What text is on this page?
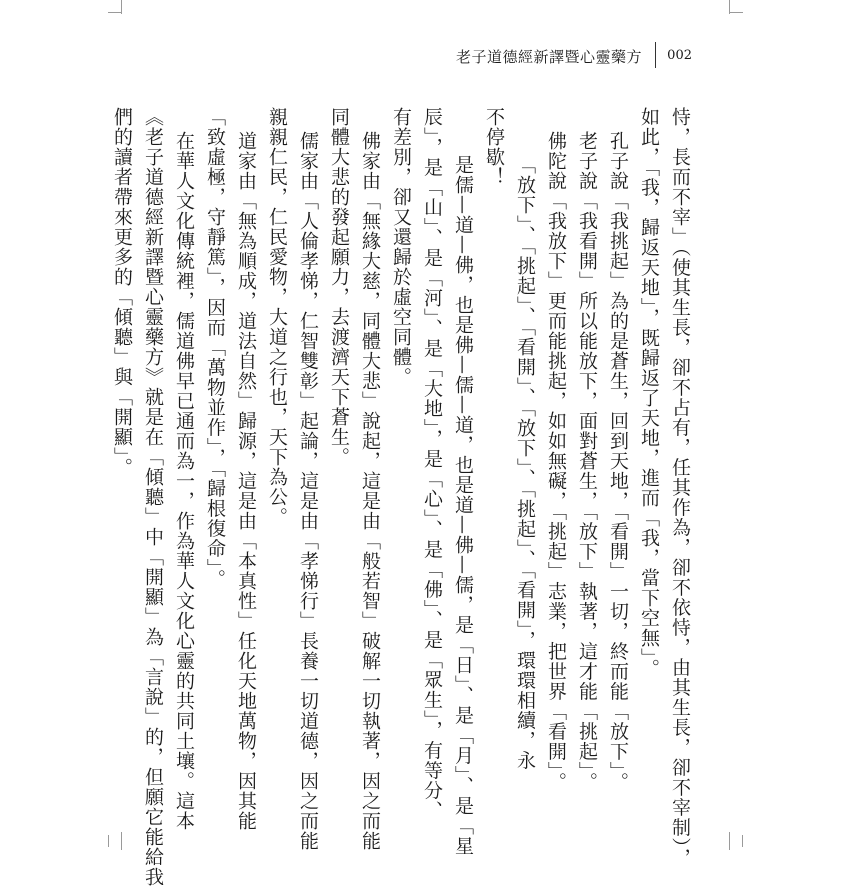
老子道德經新譯暨心靈藥方 002
恃，長而不宰」（使其生長，卻不占有，任其作為，卻不依恃，由其生長，卻不宰制），
如此，「我，歸返天地」，既歸返了天地，進而「我，當下空無」。
孔子說「我挑起」為的是蒼生，回到天地，「看開」一切，終而能「放下」。
老子說「我看開」所以能放下，面對蒼生，「放下」執著，這才能「挑起」。
佛陀說「我放下」更而能挑起，如如無礙，「挑起」志業，把世界「看開」。
「放下」、「挑起」、「看開」、「放下」、「挑起」、「看開」，環環相續，永
不停歇！
是儒—道—佛，也是佛—儒—道，也是道—佛—儒，是「日」、是「月」、是「星
辰」，是「山」、是「河」、是「大地」，是「心」、是「佛」、是「眾生」，有等分、
有差別，卻又還歸於虛空同體。
佛家由「無緣大慈，同體大悲」說起，這是由「般若智」破解一切執著，因之而能
同體大悲的發起願力，去渡濟天下蒼生。
儒家由「人倫孝悌，仁智雙彰」起論，這是由「孝悌行」長養一切道德，因之而能
親親仁民，仁民愛物，大道之行也，天下為公。
道家由「無為順成，道法自然」歸源，這是由「本真性」任化天地萬物，因其能
「致虛極，守靜篤」，因而「萬物並作」，「歸根復命」。
在華人文化傳統裡，儒道佛早已通而為一，作為華人文化心靈的共同土壤。這本
《老子道德經新譯暨心靈藥方》就是在「傾聽」中「開顯」為「言說」的，但願它能給我
們的讀者帶來更多的「傾聽」與「開顯」。
